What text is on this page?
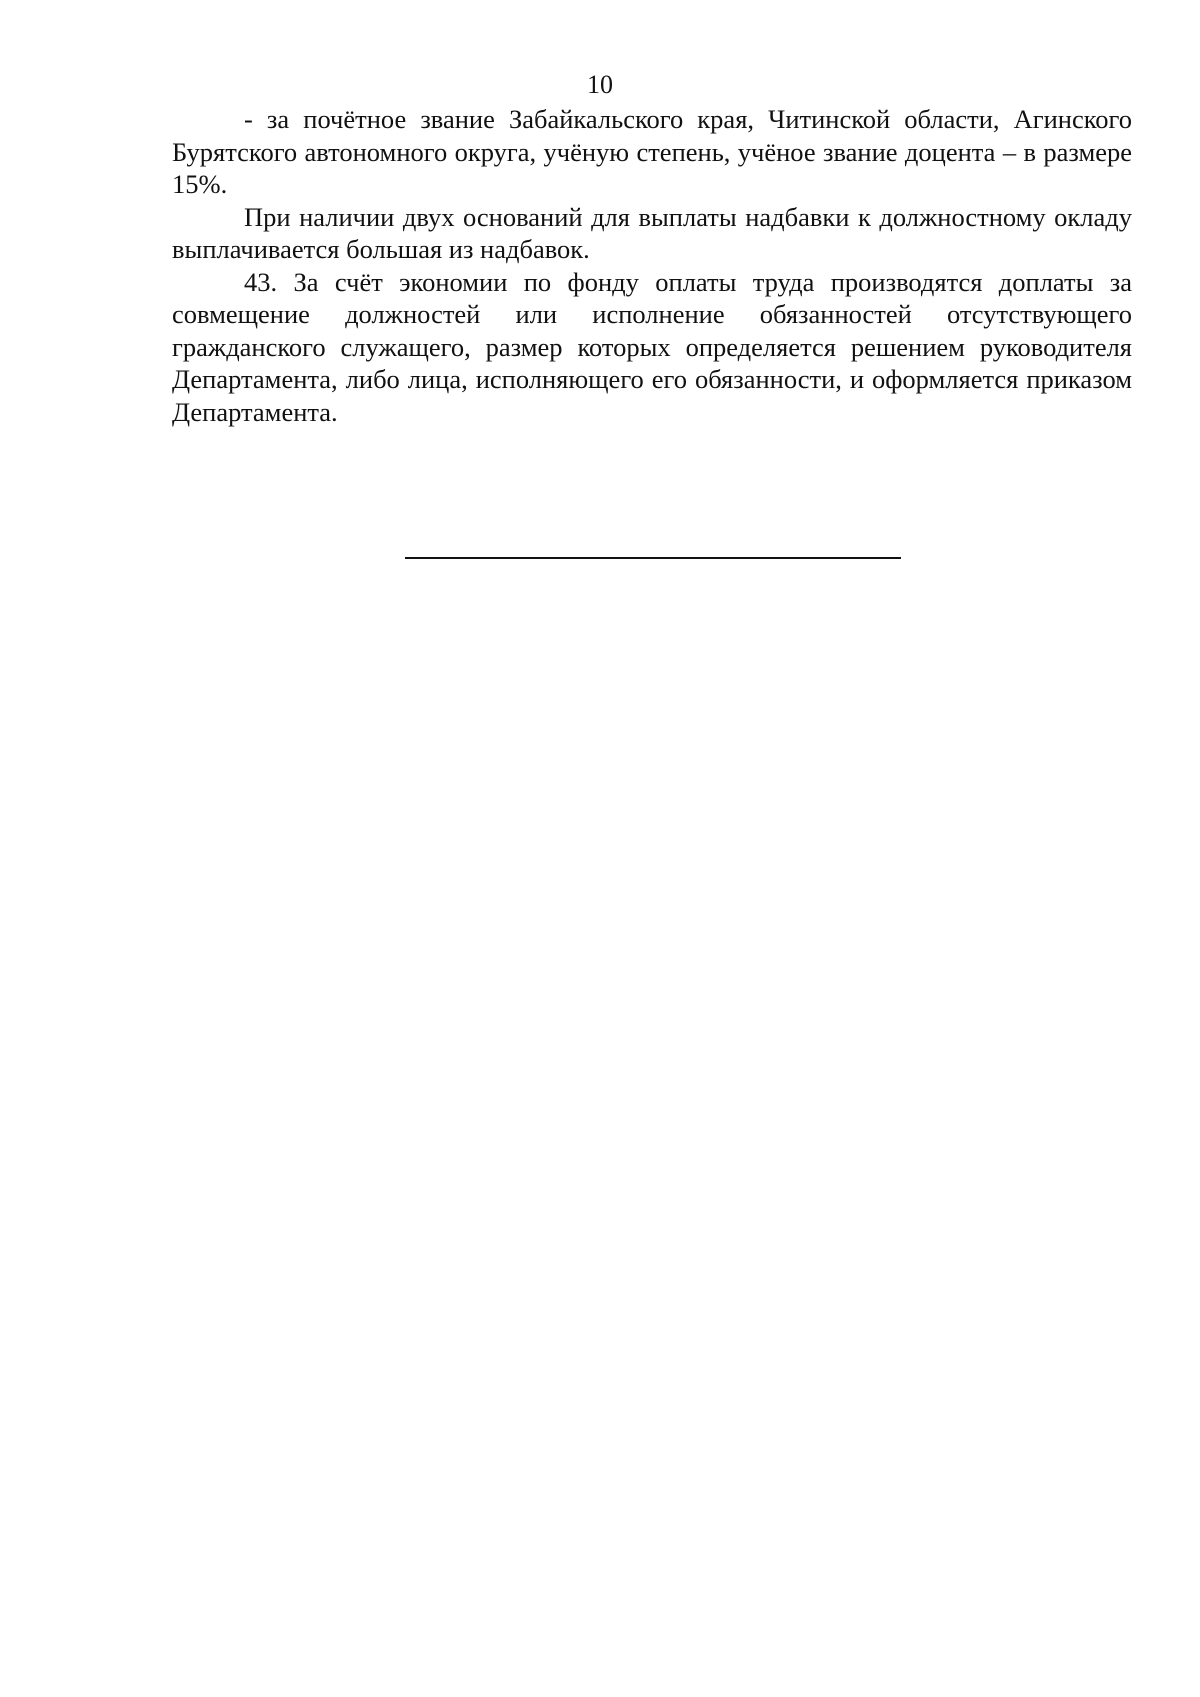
10

- за почётное звание Забайкальского края, Читинской области, Агинского Бурятского автономного округа, учёную степень, учёное звание доцента – в размере 15%.

При наличии двух оснований для выплаты надбавки к должностному окладу выплачивается большая из надбавок.

43. За счёт экономии по фонду оплаты труда производятся доплаты за совмещение должностей или исполнение обязанностей отсутствующего гражданского служащего, размер которых определяется решением руководителя Департамента, либо лица, исполняющего его обязанности, и оформляется приказом Департамента.
